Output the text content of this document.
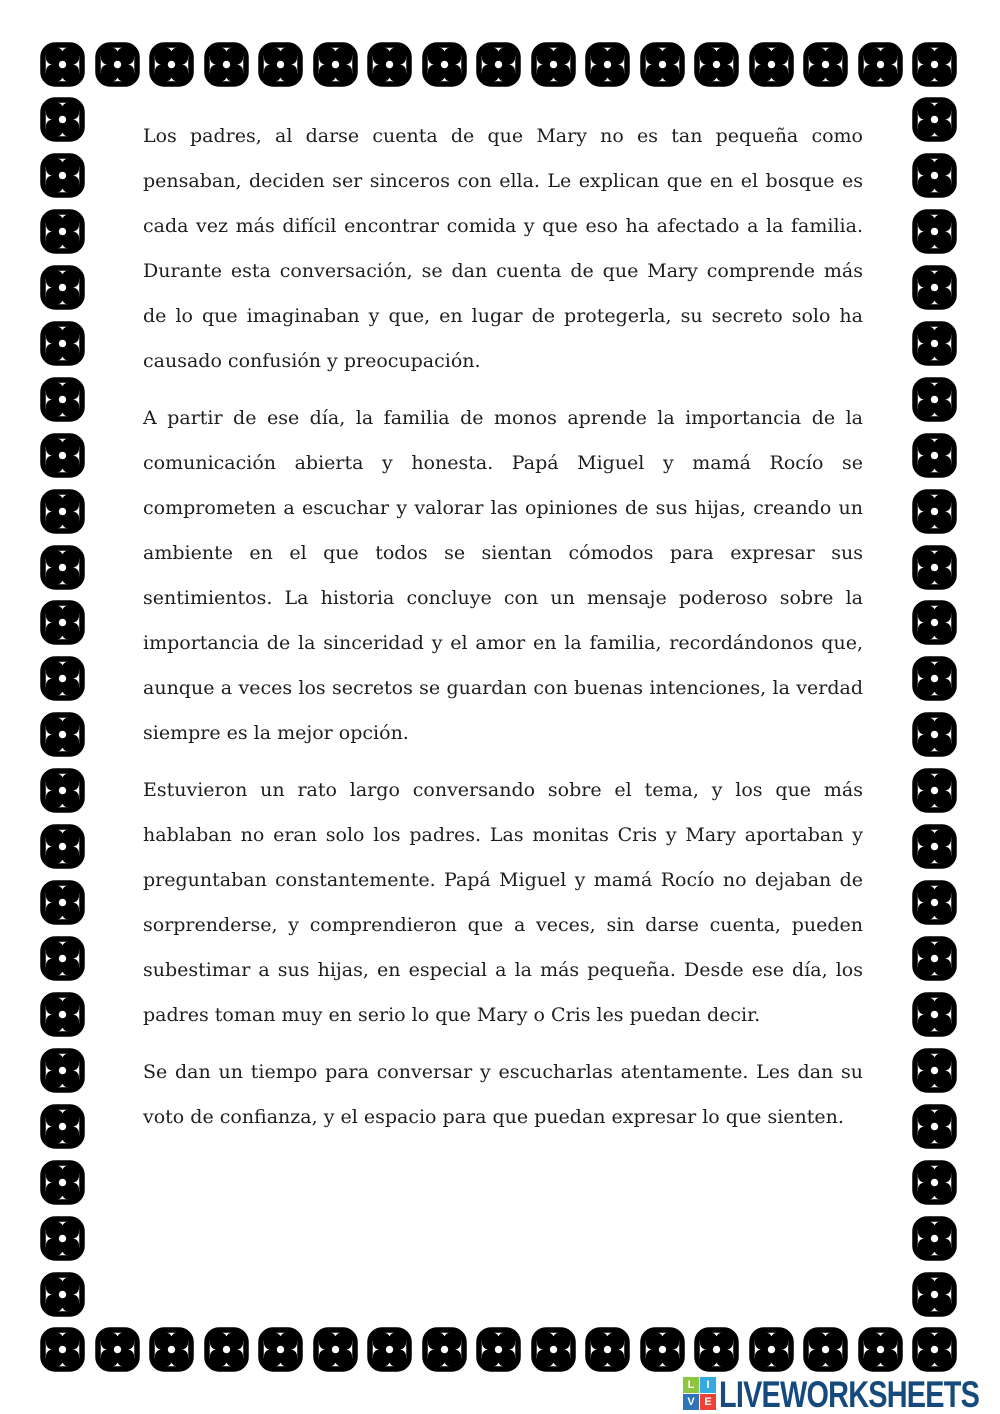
Los padres, al darse cuenta de que Mary no es tan pequeña como pensaban, deciden ser sinceros con ella. Le explican que en el bosque es cada vez más difícil encontrar comida y que eso ha afectado a la familia. Durante esta conversación, se dan cuenta de que Mary comprende más de lo que imaginaban y que, en lugar de protegerla, su secreto solo ha causado confusión y preocupación.

A partir de ese día, la familia de monos aprende la importancia de la comunicación abierta y honesta. Papá Miguel y mamá Rocío se comprometen a escuchar y valorar las opiniones de sus hijas, creando un ambiente en el que todos se sientan cómodos para expresar sus sentimientos. La historia concluye con un mensaje poderoso sobre la importancia de la sinceridad y el amor en la familia, recordándonos que, aunque a veces los secretos se guardan con buenas intenciones, la verdad siempre es la mejor opción.

Estuvieron un rato largo conversando sobre el tema, y los que más hablaban no eran solo los padres. Las monitas Cris y Mary aportaban y preguntaban constantemente. Papá Miguel y mamá Rocío no dejaban de sorprenderse, y comprendieron que a veces, sin darse cuenta, pueden subestimar a sus hijas, en especial a la más pequeña. Desde ese día, los padres toman muy en serio lo que Mary o Cris les puedan decir.

Se dan un tiempo para conversar y escucharlas atentamente. Les dan su voto de confianza, y el espacio para que puedan expresar lo que sienten.

L	I
V E LIVEWORKSHEETS
